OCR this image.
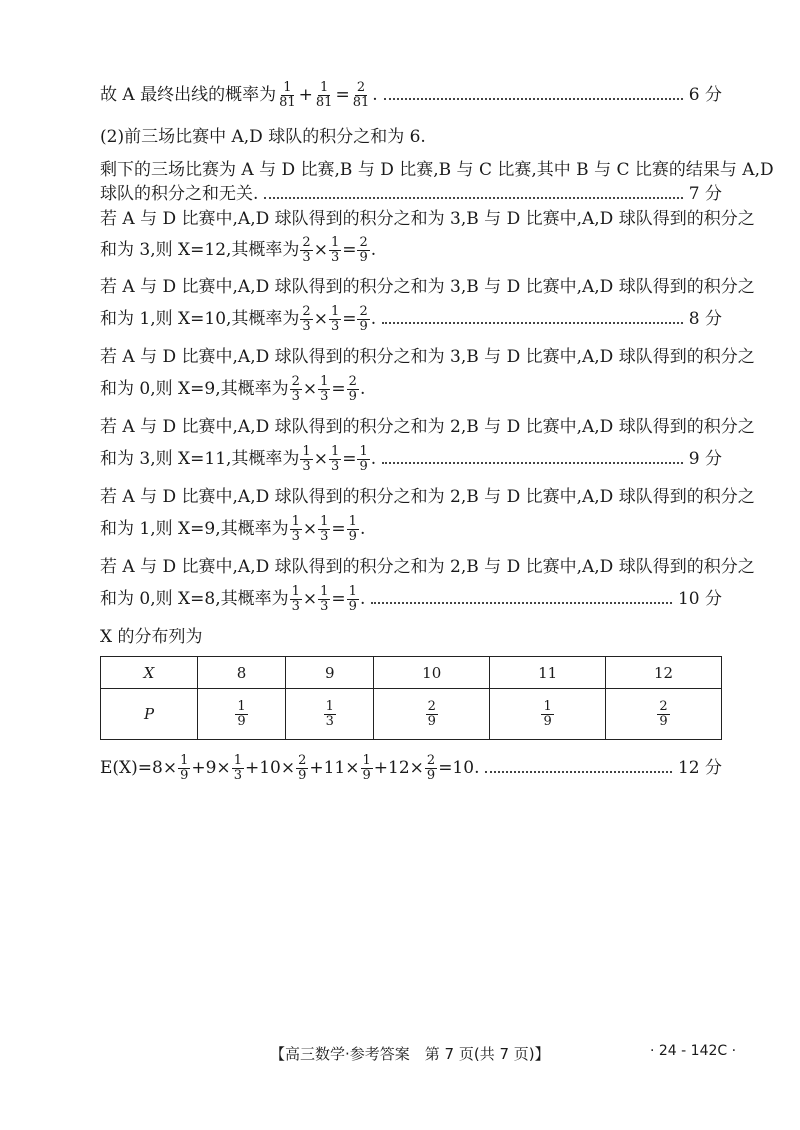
故 A 最终出线的概率为 $\frac{1}{81} + \frac{1}{81} = \frac{2}{81}$ .	6 分
(2)前三场比赛中 A,D 球队的积分之和为 6.
剩下的三场比赛为 A 与 D 比赛,B 与 D 比赛,B 与 C 比赛,其中 B 与 C 比赛的结果与 A,D
球队的积分之和无关.	7 分
若 A 与 D 比赛中,A,D 球队得到的积分之和为 3,B 与 D 比赛中,A,D 球队得到的积分之
和为 3,则 X=12,其概率为 $\frac{2}{3} \times \frac{1}{3} = \frac{2}{9}$ .
若 A 与 D 比赛中,A,D 球队得到的积分之和为 3,B 与 D 比赛中,A,D 球队得到的积分之
和为 1,则 X=10,其概率为 $\frac{2}{3} \times \frac{1}{3} = \frac{2}{9}$ .	8 分
若 A 与 D 比赛中,A,D 球队得到的积分之和为 3,B 与 D 比赛中,A,D 球队得到的积分之
和为 0,则 X=9,其概率为 $\frac{2}{3} \times \frac{1}{3} = \frac{2}{9}$ .
若 A 与 D 比赛中,A,D 球队得到的积分之和为 2,B 与 D 比赛中,A,D 球队得到的积分之
和为 3,则 X=11,其概率为 $\frac{1}{3} \times \frac{1}{3} = \frac{1}{9}$ .	9 分
若 A 与 D 比赛中,A,D 球队得到的积分之和为 2,B 与 D 比赛中,A,D 球队得到的积分之
和为 1,则 X=9,其概率为 $\frac{1}{3} \times \frac{1}{3} = \frac{1}{9}$ .
若 A 与 D 比赛中,A,D 球队得到的积分之和为 2,B 与 D 比赛中,A,D 球队得到的积分之
和为 0,则 X=8,其概率为 $\frac{1}{3} \times \frac{1}{3} = \frac{1}{9}$ .	10 分
X 的分布列为
X	8	9	10	11	12
P	$\frac{1}{9}$	$\frac{1}{3}$	$\frac{2}{9}$	$\frac{1}{9}$	$\frac{2}{9}$
$E(X)=8\times \frac{1}{9} +9\times \frac{1}{3} +10\times \frac{2}{9} +11\times \frac{1}{9} +12\times \frac{2}{9} =10$.	12 分
【高三数学·参考答案　第 7 页(共 7 页)】	· 24 - 142C ·
